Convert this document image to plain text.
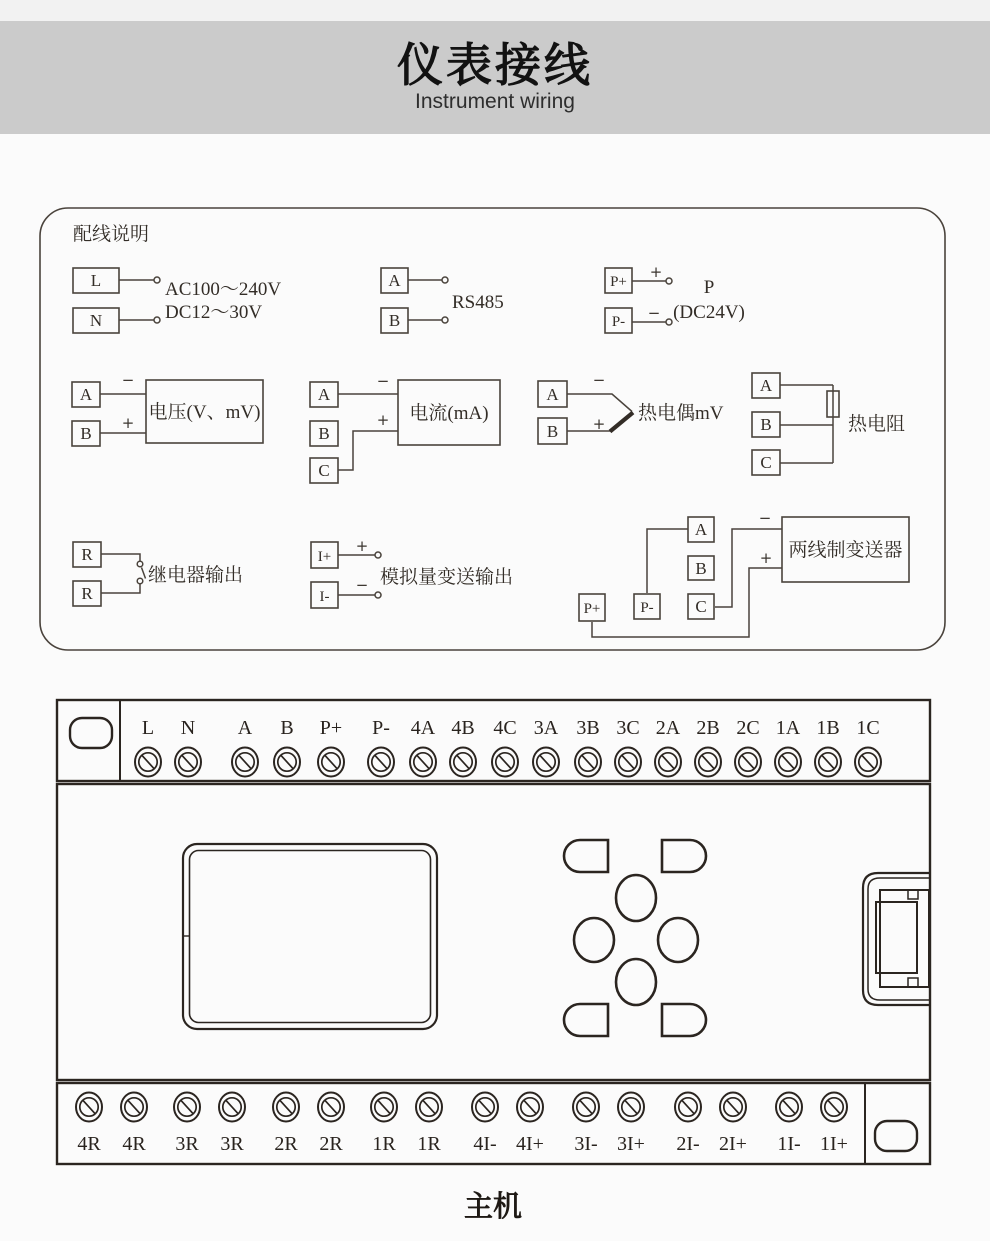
仪表接线
Instrument wiring
配线说明
L
N
AC100～240V
DC12～30V
A
B
RS485
P+
P-
+
−
P
(DC24V)
A
B
−
+ 电压(V、mV)
A
B
C
−
+ 电流(mA)
A
B
−
+ 热电偶mV
A
B
C
热电阻
R
R
继电器输出
I+
I-
+
− 模拟量变送输出
A
B
C
P+	P-
−
+ 两线制变送器
L N A B P+ P- 4A 4B 4C 3A 3B 3C 2A 2B 2C 1A 1B 1C
4R 4R 3R 3R 2R 2R 1R 1R 4I- 4I+ 3I- 3I+ 2I- 2I+ 1I- 1I+
主机
